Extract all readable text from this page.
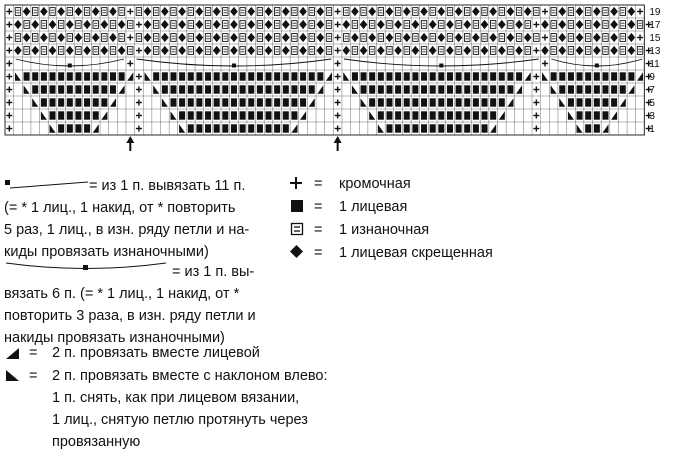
19
17
15
13
11
9
7
5
3
1
= из 1 п. вывязать 11 п.
(= * 1 лиц., 1 накид, от * повторить
5 раз, 1 лиц., в изн. ряду петли и на-
киды провязать изнаночными)
= из 1 п. вы-
вязать 6 п. (= * 1 лиц., 1 накид, от *
повторить 3 раза, в изн. ряду петли и
накиды провязать изнаночными)
= 2 п. провязать вместе лицевой
= 2 п. провязать вместе с наклоном влево:
1 п. снять, как при лицевом вязании,
1 лиц., снятую петлю протянуть через
провязанную
= кромочная
= 1 лицевая
= 1 изнаночная
= 1 лицевая скрещенная
